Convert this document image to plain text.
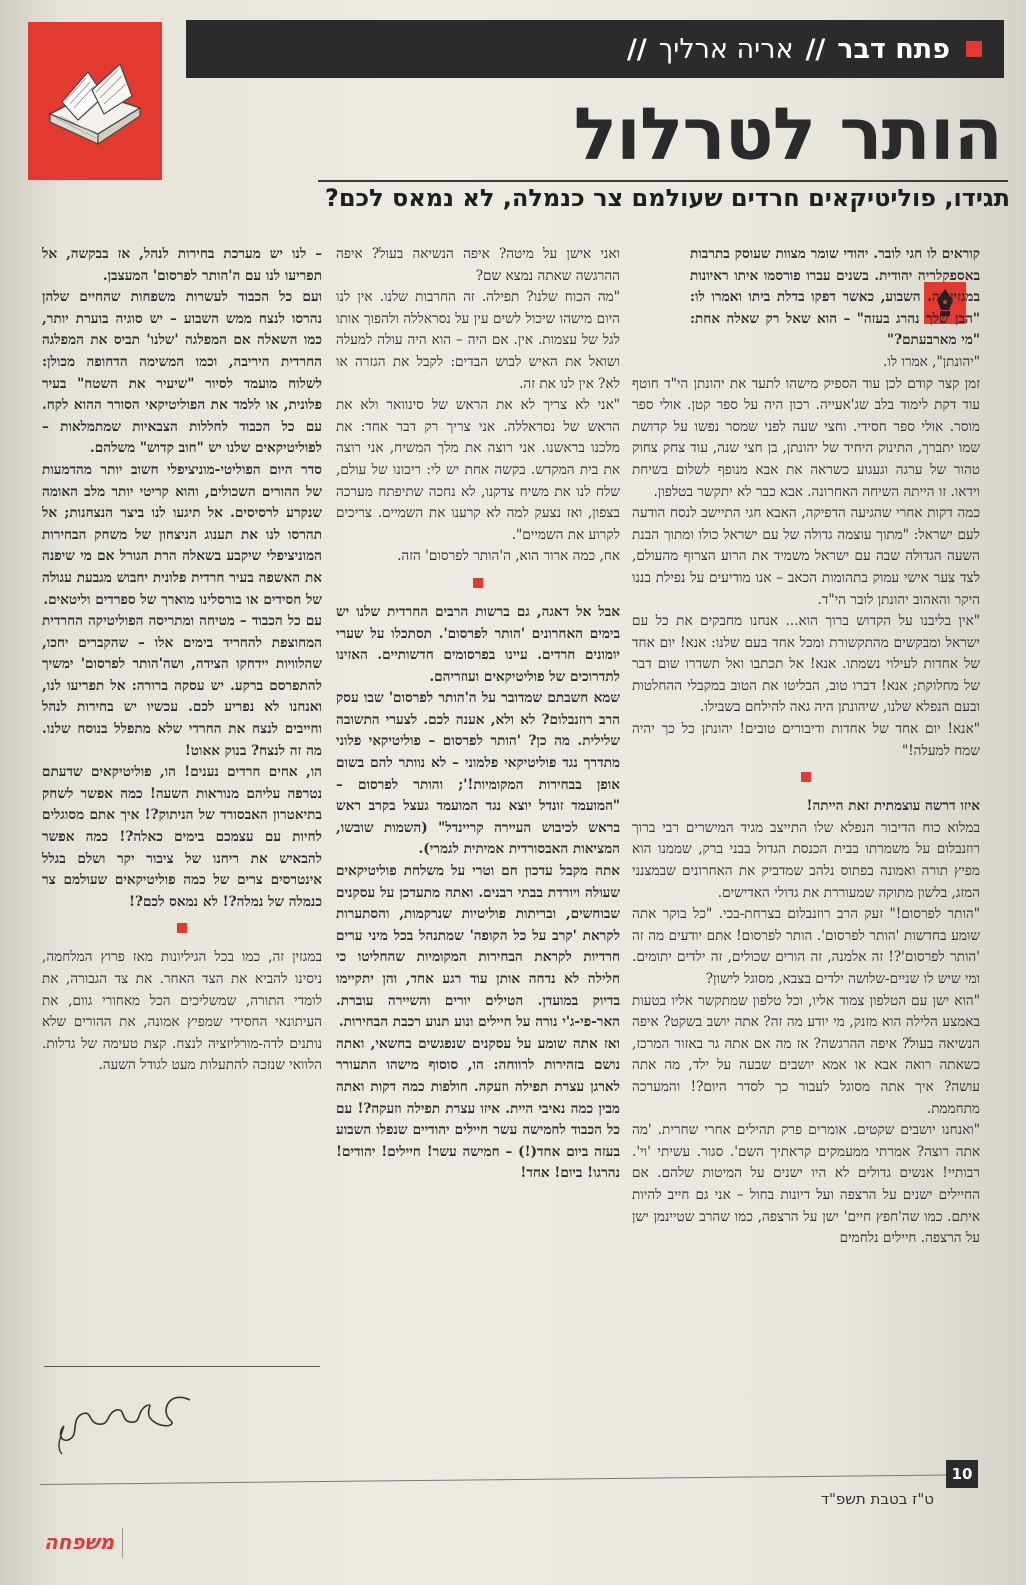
פתח דבר
//
אריה ארליך
//
הותר לטרלול
תגידו, פוליטיקאים חרדים שעולמם צר כנמלה, לא נמאס לכם?

קוראים לו חגי לובר. יהודי שומר מצוות שעוסק בתרבות באספקלריה יהודית. בשנים עברו פורסמו איתו ראיונות במגזין זה. השבוע, כאשר דפקו בדלת ביתו ואמרו לו: "הבן שלך נהרג בעזה" – הוא שאל רק שאלה אחת: "מי מארבעתם?"

"יהונתן", אמרו לו.

זמן קצר קודם לכן עוד הספיק מישהו לתעד את יהונתן הי"ד חוטף עוד דקת לימוד בלב שג'אעייה. רכון היה על ספר קטן. אולי ספר מוסר. אולי ספר חסידי. וחצי שעה לפני שמסר נפשו על קדושת שמו יתברך, התינוק היחיד של יהונתן, בן חצי שנה, עוד צחק צחוק טהור של ערגה וגעגוע כשראה את אבא מנופף לשלום בשיחת וידאו. זו הייתה השיחה האחרונה. אבא כבר לא יתקשר בטלפון.

כמה דקות אחרי שהגיעה הדפיקה, האבא חגי התיישב לנסח הודעה לעם ישראל: "מתוך עוצמה גדולה של עם ישראל כולו ומתוך הבנת השעה הגדולה שבה עם ישראל משמיד את הרוע הצרוף מהעולם, לצד צער אישי עמוק בתהומות הכאב – אנו מודיעים על נפילת בננו היקר והאהוב יהונתן לובר הי"ד.

"אין בליבנו על הקדוש ברוך הוא... אנחנו מחבקים את כל עם ישראל ומבקשים מהתקשורת ומכל אחד בעם שלנו: אנא! יום אחד של אחדות לעילוי נשמתו. אנא! אל תכתבו ואל תשדרו שום דבר של מחלוקת; אנא! דברו טוב, הבליטו את הטוב במקבלי ההחלטות ובעם הנפלא שלנו, שיהונתן היה גאה להילחם בשבילו.

"אנא! יום אחד של אחדות ודיבורים טובים! יהונתן כל כך יהיה שמח למעלה!"

איזו דרשה עוצמתית זאת הייתה!

במלוא כוח הדיבור הנפלא שלו התייצב מגיד המישרים רבי ברוך רוזנבלום על משמרתו בבית הכנסת הגדול בבני ברק, שממנו הוא מפיץ תורה ואמונה בפתוס נלהב שמדביק את האחרונים שבמצנני המזג, בלשון מתוקה שמעוררת את גדולי האדישים.

"הותר לפרסום!" זעק הרב רוזנבלום בצרחת-בכי. "כל בוקר אתה שומע בחדשות 'הותר לפרסום'. הותר לפרסום! אתם יודעים מה זה 'הותר לפרסום'?! זה אלמנה, זה הורים שכולים, זה ילדים יתומים. ומי שיש לו שניים-שלושה ילדים בצבא, מסוגל לישון?

"הוא ישן עם הטלפון צמוד אליו, וכל טלפון שמתקשר אליו בטעות באמצע הלילה הוא מזנק, מי יודע מה זה? אתה יושב בשקט? איפה הנשיאה בעול? איפה ההרגשה? אז מה אם אתה גר באזור המרכז, כשאתה רואה אבא או אמא יושבים שבעה על ילד, מה אתה עושה? איך אתה מסוגל לעבור כך לסדר היום?! והמערכה מתחממת.

"ואנחנו יושבים שקטים. אומרים פרק תהילים אחרי שחרית. 'מה אתה רוצה? אמרתי ממעמקים קראתיך השם'. סגור. עשיתי 'וי'. רבותיי! אנשים גדולים לא היו ישנים על המיטות שלהם. אם החיילים ישנים על הרצפה ועל דיונות בחול – אני גם חייב להיות איתם. כמו שה'חפץ חיים' ישן על הרצפה, כמו שהרב שטיינמן ישן על הרצפה. חיילים נלחמים

ואני אישן על מיטה? איפה הנשיאה בעול? איפה ההרגשה שאתה נמצא שם?

"מה הכוח שלנו? תפילה. זה החרבות שלנו. אין לנו היום מישהו שיכול לשים עין על נסראללה ולהפוך אותו לגל של עצמות. אין. אם היה – הוא היה עולה למעלה ושואל את האיש לבוש הבדים: לקבל את הגזרה או לא? אין לנו את זה.

"אני לא צריך לא את הראש של סינוואר ולא את הראש של נסראללה. אני צריך רק דבר אחד: את מלכנו בראשנו. אני רוצה את מלך המשיח, אני רוצה את בית המקדש. בקשה אחת יש לי: ריבונו של עולם, שלח לנו את משיח צדקנו, לא נחכה שתיפתח מערכה בצפון, ואז נצעק למה לא קרענו את השמיים. צריכים לקרוע את השמיים".

אח, כמה ארור הוא, ה'הותר לפרסום' הזה.

אבל אל דאגה, גם ברשות הרבים החרדית שלנו יש בימים האחרונים 'הותר לפרסום'. תסתכלו על שערי יומונים חרדים. עיינו בפרסומים חדשותיים. האזינו לתדרוכים של פוליטיקאים ועוזריהם.

שמא חשבתם שמדובר על ה'הותר לפרסום' שבו עסק הרב רוזנבלום? לא ולא, אענה לכם. לצערי התשובה שלילית. מה כן? 'הותר לפרסום – פוליטיקאי פלוני מתדרך נגד פוליטיקאי פלמוני – לא נוותר להם בשום אופן בבחירות המקומיות!'; והותר לפרסום – "המועמד זונדל יוצא נגד המועמד געצל בקרב ראש בראש לכיבוש העיירה קריינדל" (השמות שובשו, המציאות האבסורדית אמיתית לגמרי).

אתה מקבל עדכון חם וטרי על משלחת פוליטיקאים שעולה ויורדת בבתי רבנים. ואתה מתעדכן על עסקנים שבוחשים, ובריתות פוליטיות שנרקמות, והסתערות לקראת 'קרב על כל הקופה' שמתנהל בכל מיני ערים חרדיות לקראת הבחירות המקומיות שהחליטו כי חלילה לא נדחה אותן עוד רגע אחד, והן יתקיימו בדיוק במועדן. הטילים יורים והשיירה עוברת. האר-פי-ג'י נורה על חיילים ונוע תנוע רכבת הבחירות.

ואז אתה שומע על עסקנים שנפגשים בחשאי, ואתה נושם בזהירות לרווחה: הו, סוסוף מישהו התעורר לארגן עצרת תפילה וזעקה. חולפות כמה דקות ואתה מבין כמה נאיבי היית. איזו עצרת תפילה וזעקה?! עם כל הכבוד לחמישה עשר חיילים יהודיים שנפלו השבוע בעזה ביום אחד(!) – חמישה עשר! חיילים! יהודים! נהרגו! ביום! אחד!

– לנו יש מערכת בחירות לנהל, אז בבקשה, אל תפריעו לנו עם ה'הותר לפרסום' המעצבן.

ועם כל הכבוד לעשרות משפחות שהחיים שלהן נהרסו לנצח ממש השבוע – יש סוגיה בוערת יותר, כמו השאלה אם המפלגה 'שלנו' תביס את המפלגה החרדית היריבה, וכמו המשימה הדחופה מכולן: לשלוח מועמד לסיור "שיעיר את השטח" בעיר פלונית, או ללמד את הפוליטיקאי הסורר ההוא לקח. עם כל הכבוד לחללות הצבאיות שמתמלאות – לפוליטיקאים שלנו יש "חוב קדוש" משלהם.

סדר היום הפוליטי-מוניציפלי חשוב יותר מהדמעות של ההורים השכולים, והוא קריטי יותר מלב האומה שנקרע לרסיסים. אל תיגעו לנו ביצר הנצחנות; אל תהרסו לנו את תענוג הניצחון של משחק הבחירות המוניציפלי שיקבע בשאלה הרת הגורל אם מי שיפנה את האשפה בעיר חרדית פלונית יחבוש מגבעת עגולה של חסידים או בורסלינו מוארך של ספרדים וליטאים.

עם כל הכבוד – מטיחה ומתריסה הפוליטיקה החרדית המחוצפת להחריד בימים אלו – שהקברים יחכו, שהלוויות יידחקו הצידה, ושה'הותר לפרסום' ימשיך להתפרסם ברקע. יש עסקה ברורה: אל תפריעו לנו, ואנחנו לא נפריע לכם. עכשיו יש בחירות לנהל וחייבים לנצח את החרדי שלא מתפלל בנוסח שלנו. מה זה לנצח? בנוק אאוט!

הו, אחים חרדים נענים! הו, פוליטיקאים שדעתם נטרפה עליהם מנוראות השעה! כמה אפשר לשחק בתיאטרון האבסורד של הניתוק?! איך אתם מסוגלים לחיות עם עצמכם בימים כאלה?! כמה אפשר להבאיש את ריחנו של ציבור יקר ושלם בגלל אינטרסים צרים של כמה פוליטיקאים שעולמם צר כנמלה של נמלה?! לא נמאס לכם?!

במגזין זה, כמו בכל הגיליונות מאז פרוץ המלחמה, ניסינו להביא את הצד האחר. את צד הגבורה, את לומדי התורה, שמשליכים הכל מאחורי גוום, את העיתונאי החסידי שמפיץ אמונה, את ההורים שלא נותנים לדה-מורליזציה לנצח. קצת טעימה של גדלות. הלוואי שנזכה להתעלות מעט לגודל השעה.

10
ט"ז בטבת תשפ"ד
משפחה
